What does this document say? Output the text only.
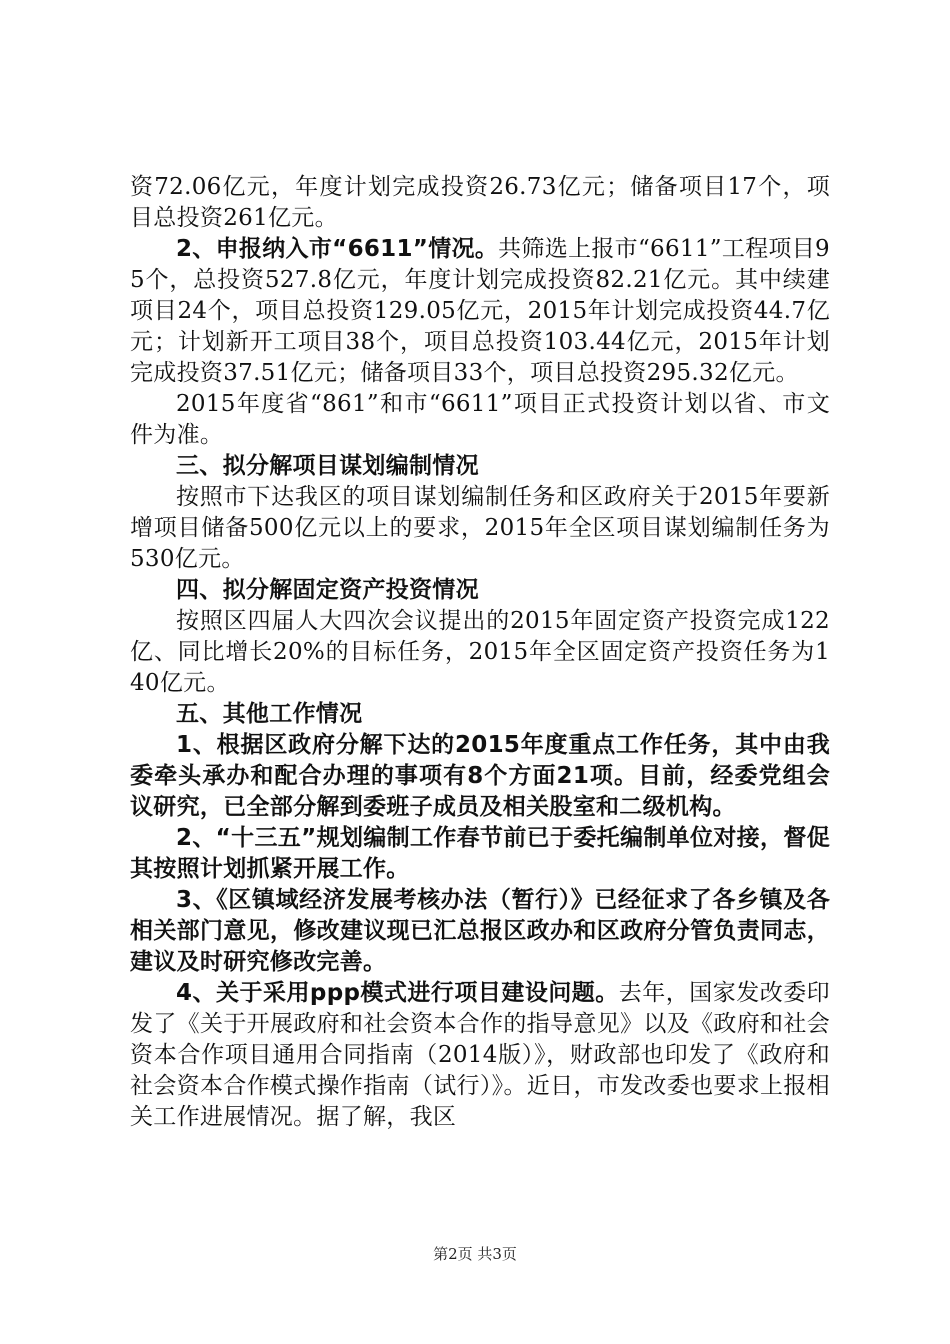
资72.06亿元，年度计划完成投资26.73亿元；储备项目17个，项目总投资261亿元。

2、申报纳入市“6611”情况。共筛选上报市“6611”工程项目95个，总投资527.8亿元，年度计划完成投资82.21亿元。其中续建项目24个，项目总投资129.05亿元，2015年计划完成投资44.7亿元；计划新开工项目38个，项目总投资103.44亿元，2015年计划完成投资37.51亿元；储备项目33个，项目总投资295.32亿元。

2015年度省“861”和市“6611”项目正式投资计划以省、市文件为准。

三、拟分解项目谋划编制情况

按照市下达我区的项目谋划编制任务和区政府关于2015年要新增项目储备500亿元以上的要求，2015年全区项目谋划编制任务为530亿元。

四、拟分解固定资产投资情况

按照区四届人大四次会议提出的2015年固定资产投资完成122亿、同比增长20%的目标任务，2015年全区固定资产投资任务为140亿元。

五、其他工作情况

1、根据区政府分解下达的2015年度重点工作任务，其中由我委牵头承办和配合办理的事项有8个方面21项。目前，经委党组会议研究，已全部分解到委班子成员及相关股室和二级机构。

2、“十三五”规划编制工作春节前已于委托编制单位对接，督促其按照计划抓紧开展工作。

3、《区镇域经济发展考核办法（暂行）》已经征求了各乡镇及各相关部门意见，修改建议现已汇总报区政办和区政府分管负责同志，建议及时研究修改完善。

4、关于采用ppp模式进行项目建设问题。去年，国家发改委印发了《关于开展政府和社会资本合作的指导意见》以及《政府和社会资本合作项目通用合同指南（2014版）》，财政部也印发了《政府和社会资本合作模式操作指南（试行）》。近日，市发改委也要求上报相关工作进展情况。据了解，我区

第2页 共3页
